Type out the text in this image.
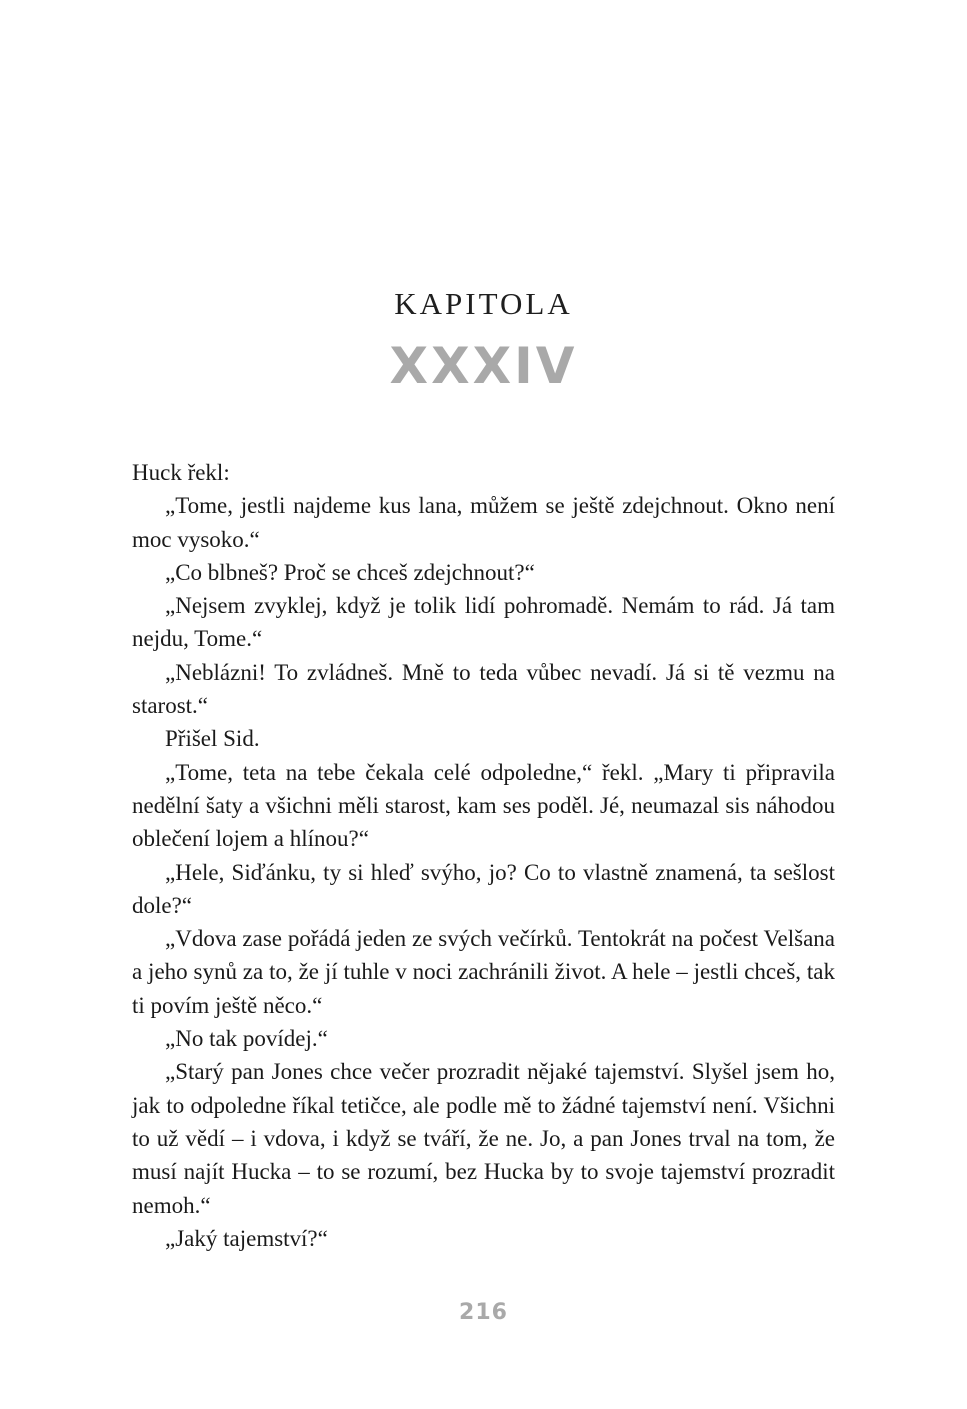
KAPITOLA
XXXIV

Huck řekl:

„Tome, jestli najdeme kus lana, můžem se ještě zdejchnout. Okno není moc vysoko.“

„Co blbneš? Proč se chceš zdejchnout?“

„Nejsem zvyklej, když je tolik lidí pohromadě. Nemám to rád. Já tam nejdu, Tome.“

„Neblázni! To zvládneš. Mně to teda vůbec nevadí. Já si tě vezmu na starost.“

Přišel Sid.

„Tome, teta na tebe čekala celé odpoledne,“ řekl. „Mary ti připravila nedělní šaty a všichni měli starost, kam ses poděl. Jé, neumazal sis náhodou oblečení lojem a hlínou?“

„Hele, Siďánku, ty si hleď svýho, jo? Co to vlastně znamená, ta sešlost dole?“

„Vdova zase pořádá jeden ze svých večírků. Tentokrát na počest Velšana a jeho synů za to, že jí tuhle v noci zachránili život. A hele – jestli chceš, tak ti povím ještě něco.“

„No tak povídej.“

„Starý pan Jones chce večer prozradit nějaké tajemství. Slyšel jsem ho, jak to odpoledne říkal tetičce, ale podle mě to žádné tajemství není. Všichni to už vědí – i vdova, i když se tváří, že ne. Jo, a pan Jones trval na tom, že musí najít Hucka – to se rozumí, bez Hucka by to svoje tajemství prozradit nemoh.“

„Jaký tajemství?“

216
